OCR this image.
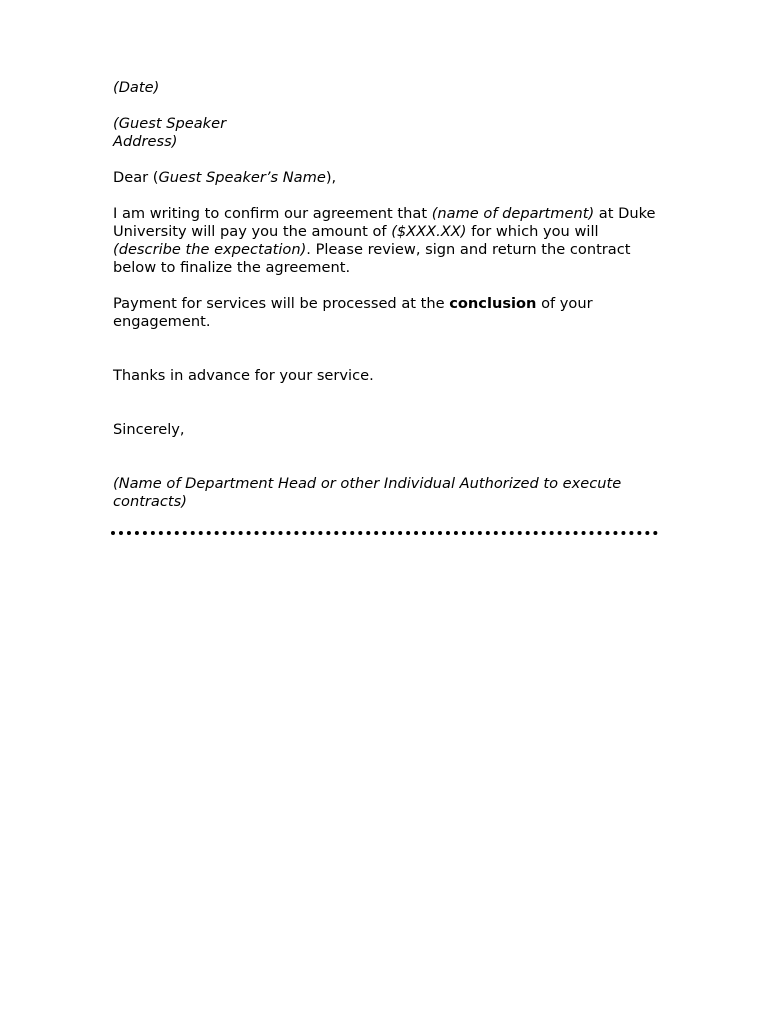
(Date)

(Guest Speaker
Address)

Dear (Guest Speaker’s Name),

I am writing to confirm our agreement that (name of department) at Duke University will pay you the amount of ($XXX.XX) for which you will (describe the expectation). Please review, sign and return the contract below to finalize the agreement.

Payment for services will be processed at the conclusion of your engagement.

Thanks in advance for your service.

Sincerely,

(Name of Department Head or other Individual Authorized to execute contracts)
